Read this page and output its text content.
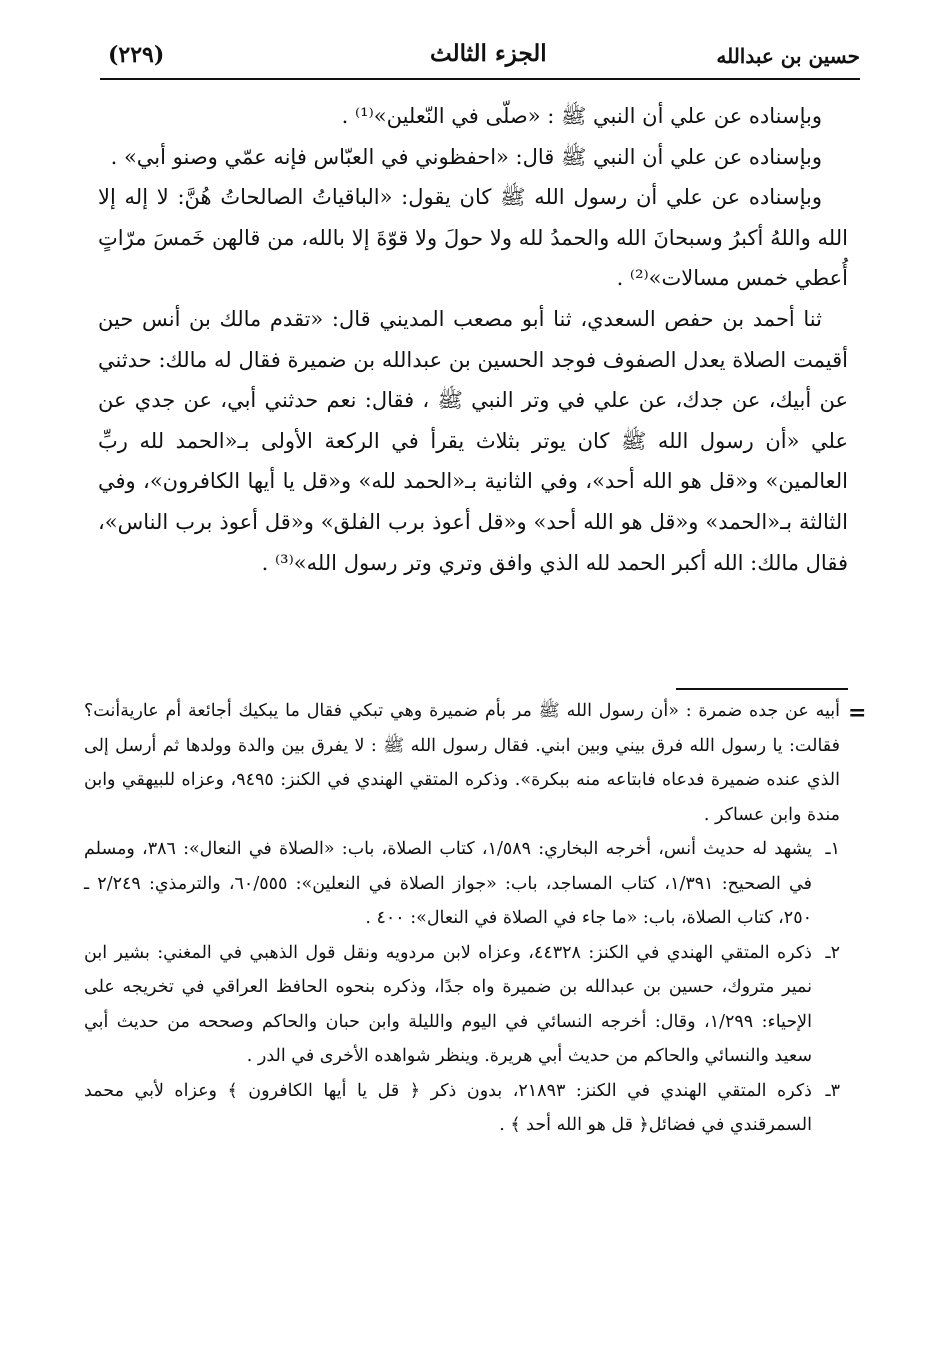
حسين بن عبدالله
الجزء الثالث
(٢٢٩)

وبإسناده عن علي أن النبي ﷺ : «صلّى في النّعلين»⁽¹⁾ .

وبإسناده عن علي أن النبي ﷺ قال: «احفظوني في العبّاس فإنه عمّي وصنو أبي» .

وبإسناده عن علي أن رسول الله ﷺ كان يقول: «الباقياتُ الصالحاتُ هُنَّ: لا إله إلا الله واللهُ أكبرُ وسبحانَ الله والحمدُ لله ولا حولَ ولا قوّةَ إلا بالله، من قالهن خَمسَ مرّاتٍ أُعطي خمس مسالات»⁽²⁾ .

ثنا أحمد بن حفص السعدي، ثنا أبو مصعب المديني قال: «تقدم مالك بن أنس حين أقيمت الصلاة يعدل الصفوف فوجد الحسين بن عبدالله بن ضميرة فقال له مالك: حدثني عن أبيك، عن جدك، عن علي في وتر النبي ﷺ ، فقال: نعم حدثني أبي، عن جدي عن علي «أن رسول الله ﷺ كان يوتر بثلاث يقرأ في الركعة الأولى بـ«الحمد لله ربِّ العالمين» و«قل هو الله أحد»، وفي الثانية بـ«الحمد لله» و«قل يا أيها الكافرون»، وفي الثالثة بـ«الحمد» و«قل هو الله أحد» و«قل أعوذ برب الفلق» و«قل أعوذ برب الناس»، فقال مالك: الله أكبر الحمد لله الذي وافق وتري وتر رسول الله»⁽³⁾ .

=

أبيه عن جده ضمرة : «أن رسول الله ﷺ مر بأم ضميرة وهي تبكي فقال ما يبكيك أجائعة أم عاريةأنت؟ فقالت: يا رسول الله فرق بيني وبين ابني. فقال رسول الله ﷺ : لا يفرق بين والدة وولدها ثم أرسل إلى الذي عنده ضميرة فدعاه فابتاعه منه ببكرة». وذكره المتقي الهندي في الكنز: ٩٤٩٥، وعزاه للبيهقي وابن مندة وابن عساكر .

١ـ
يشهد له حديث أنس، أخرجه البخاري: ١/٥٨٩، كتاب الصلاة، باب: «الصلاة في النعال»: ٣٨٦، ومسلم في الصحيح: ١/٣٩١، كتاب المساجد، باب: «جواز الصلاة في النعلين»: ٦٠/٥٥٥، والترمذي: ٢/٢٤٩ ـ ٢٥٠، كتاب الصلاة، باب: «ما جاء في الصلاة في النعال»: ٤٠٠ .

٢ـ
ذكره المتقي الهندي في الكنز: ٤٤٣٢٨، وعزاه لابن مردويه ونقل قول الذهبي في المغني: بشير ابن نمير متروك، حسين بن عبدالله بن ضميرة واه جدًا، وذكره بنحوه الحافظ العراقي في تخريجه على الإحياء: ١/٢٩٩، وقال: أخرجه النسائي في اليوم والليلة وابن حبان والحاكم وصححه من حديث أبي سعيد والنسائي والحاكم من حديث أبي هريرة. وينظر شواهده الأخرى في الدر .

٣ـ
ذكره المتقي الهندي في الكنز: ٢١٨٩٣، بدون ذكر ﴿ قل يا أيها الكافرون ﴾ وعزاه لأبي محمد السمرقندي في فضائل﴿ قل هو الله أحد ﴾ .
